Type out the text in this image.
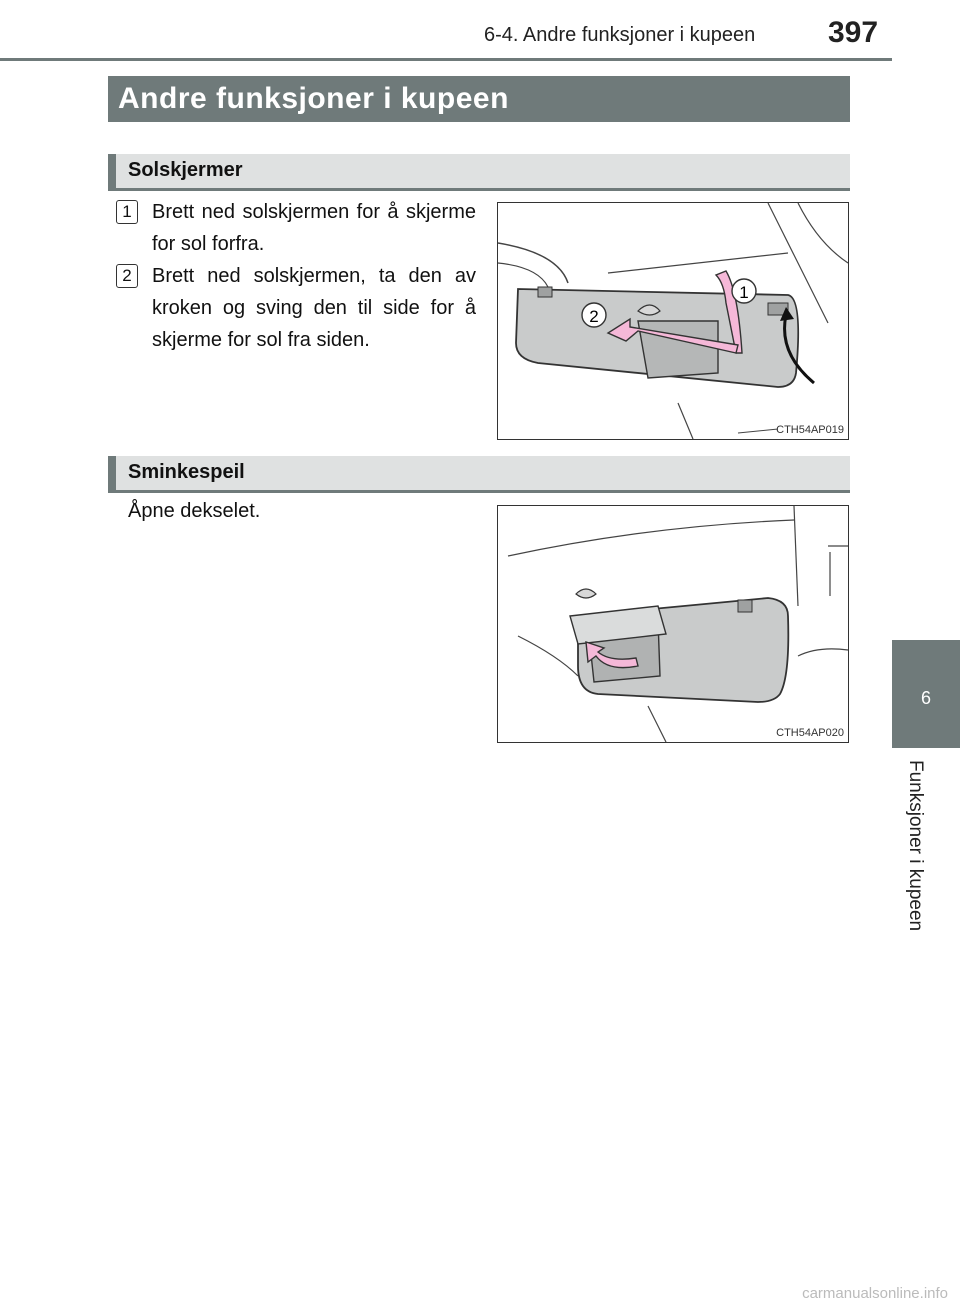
6-4. Andre funksjoner i kupeen 397
6
Funksjoner i kupeen
Andre funksjoner i kupeen
Solskjermer
1	Brett ned solskjermen for å skjerme for sol forfra.
2	Brett ned solskjermen, ta den av kroken og sving den til side for å skjerme for sol fra siden.
1
2
CTH54AP019
Sminkespeil
Åpne dekselet.
CTH54AP020
carmanualsonline.info
